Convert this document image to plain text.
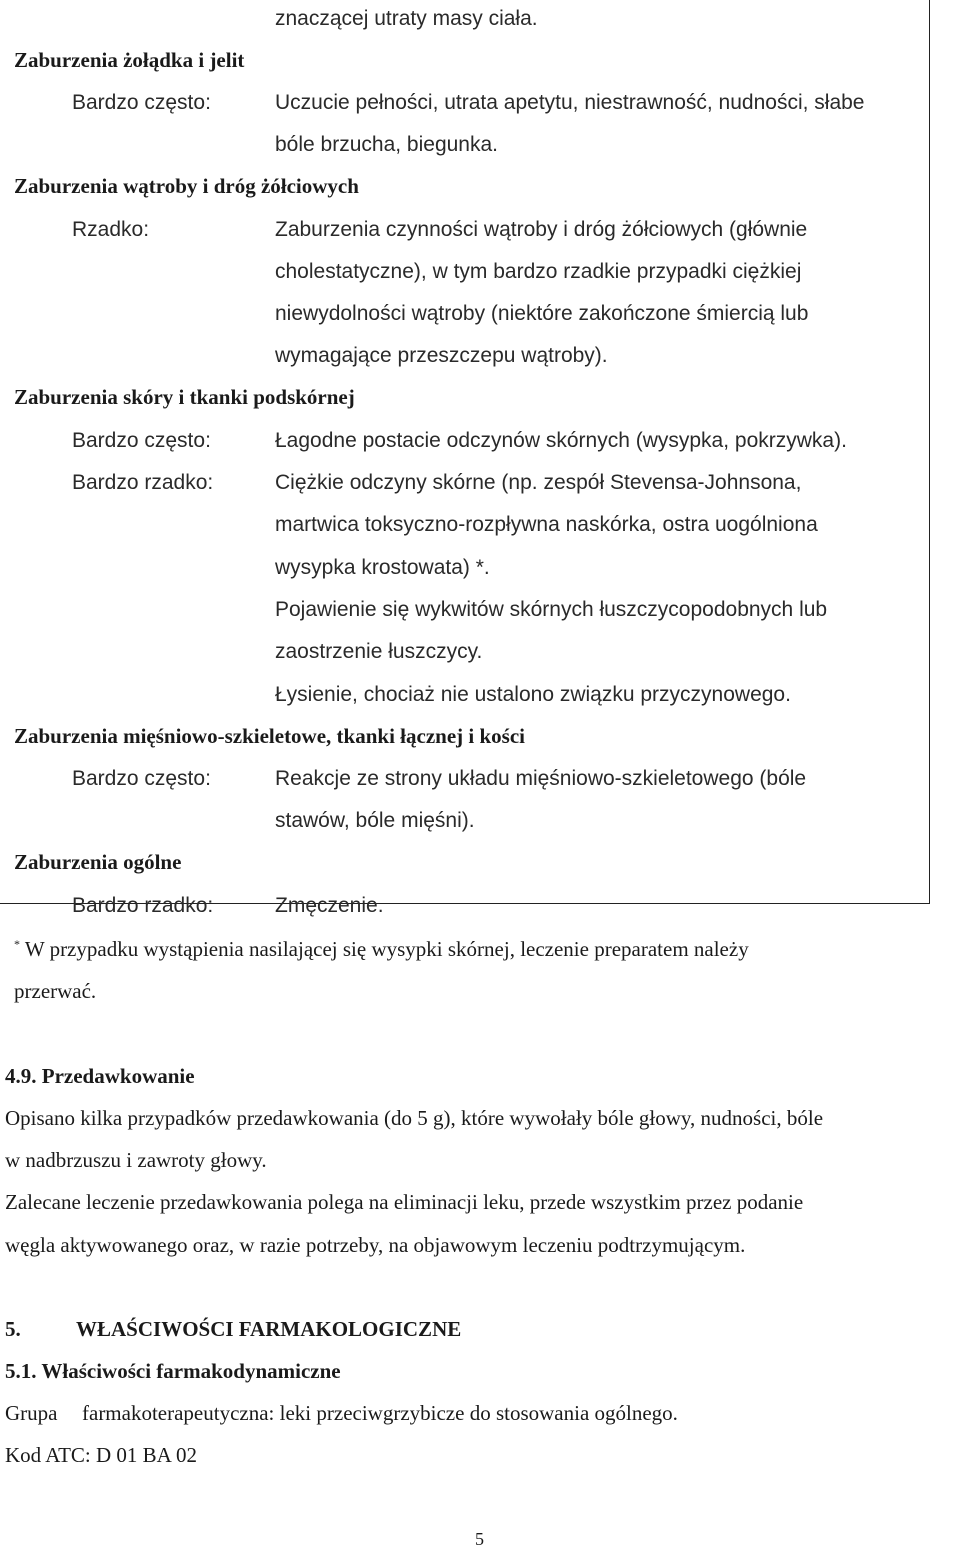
znaczącej utraty masy ciała.
Zaburzenia żołądka i jelit
Bardzo często:	Uczucie pełności, utrata apetytu, niestrawność, nudności, słabe
bóle brzucha, biegunka.
Zaburzenia wątroby i dróg żółciowych
Rzadko:	Zaburzenia czynności wątroby i dróg żółciowych (głównie
cholestatyczne), w tym bardzo rzadkie przypadki ciężkiej
niewydolności wątroby (niektóre zakończone śmiercią lub
wymagające przeszczepu wątroby).
Zaburzenia skóry i tkanki podskórnej
Bardzo często:	Łagodne postacie odczynów skórnych (wysypka, pokrzywka).
Bardzo rzadko:	Ciężkie odczyny skórne (np. zespół Stevensa-Johnsona,
martwica toksyczno-rozpływna naskórka, ostra uogólniona
wysypka krostowata) *.
Pojawienie się wykwitów skórnych łuszczycopodobnych lub
zaostrzenie łuszczycy.
Łysienie, chociaż nie ustalono związku przyczynowego.
Zaburzenia mięśniowo-szkieletowe, tkanki łącznej i kości
Bardzo często:	Reakcje ze strony układu mięśniowo-szkieletowego (bóle
stawów, bóle mięśni).
Zaburzenia ogólne
Bardzo rzadko:	Zmęczenie.
* W przypadku wystąpienia nasilającej się wysypki skórnej, leczenie preparatem należy
przerwać.
4.9. Przedawkowanie
Opisano kilka przypadków przedawkowania (do 5 g), które wywołały bóle głowy, nudności, bóle
w nadbrzuszu i zawroty głowy.
Zalecane leczenie przedawkowania polega na eliminacji leku, przede wszystkim przez podanie
węgla aktywowanego oraz, w razie potrzeby, na objawowym leczeniu podtrzymującym.
5.	WŁAŚCIWOŚCI FARMAKOLOGICZNE
5.1. Właściwości farmakodynamiczne
Grupa farmakoterapeutyczna: leki przeciwgrzybicze do stosowania ogólnego.
Kod ATC: D 01 BA 02
5
